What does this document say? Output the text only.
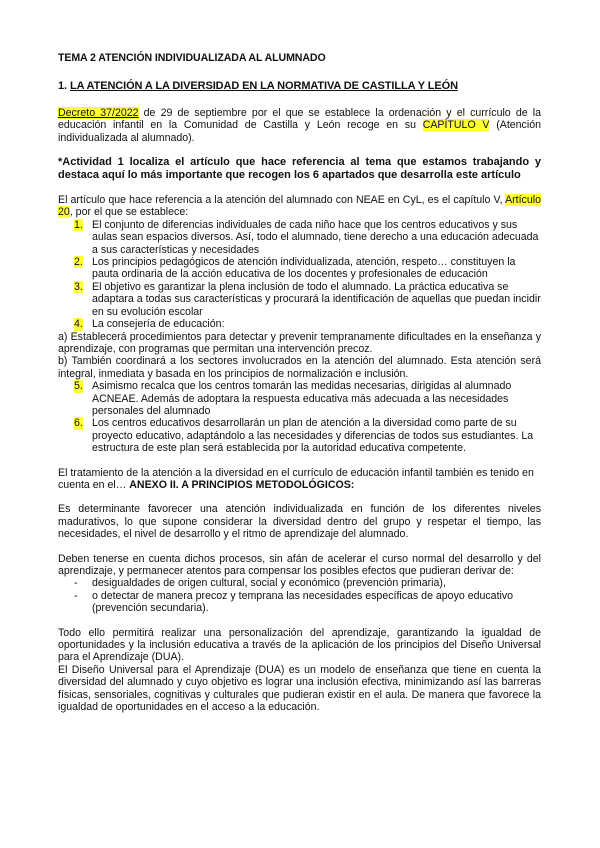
TEMA 2 ATENCIÓN INDIVIDUALIZADA AL ALUMNADO

1. LA ATENCIÓN A LA DIVERSIDAD EN LA NORMATIVA DE CASTILLA Y LEÓN

Decreto 37/2022 de 29 de septiembre por el que se establece la ordenación y el currículo de la educación infantil en la Comunidad de Castilla y León recoge en su CAPÍTULO V (Atención individualizada al alumnado).

*Actividad 1 localiza el artículo que hace referencia al tema que estamos trabajando y destaca aquí lo más importante que recogen los 6 apartados que desarrolla este artículo

El artículo que hace referencia a la atención del alumnado con NEAE en CyL, es el capítulo V, Artículo 20, por el que se establece:

1. El conjunto de diferencias individuales de cada niño hace que los centros educativos y sus aulas sean espacios diversos. Así, todo el alumnado, tiene derecho a una educación adecuada a sus características y necesidades
2. Los principios pedagógicos de atención individualizada, atención, respeto… constituyen la pauta ordinaria de la acción educativa de los docentes y profesionales de educación
3. El objetivo es garantizar la plena inclusión de todo el alumnado. La práctica educativa se adaptara a todas sus características y procurará la identificación de aquellas que puedan incidir en su evolución escolar
4. La consejería de educación:

a) Establecerá procedimientos para detectar y prevenir tempranamente dificultades en la enseñanza y aprendizaje, con programas que permitan una intervención precoz.

b) También coordinará a los sectores involucrados en la atención del alumnado. Esta atención será integral, inmediata y basada en los principios de normalización e inclusión.

5. Asimismo recalca que los centros tomarán las medidas necesarias, dirigidas al alumnado ACNEAE. Además de adoptara la respuesta educativa más adecuada a las necesidades personales del alumnado
6. Los centros educativos desarrollarán un plan de atención a la diversidad como parte de su proyecto educativo, adaptándolo a las necesidades y diferencias de todos sus estudiantes. La estructura de este plan será establecida por la autoridad educativa competente.

El tratamiento de la atención a la diversidad en el currículo de educación infantil también es tenido en cuenta en el… ANEXO II. A PRINCIPIOS METODOLÓGICOS:

Es determinante favorecer una atención individualizada en función de los diferentes niveles madurativos, lo que supone considerar la diversidad dentro del grupo y respetar el tiempo, las necesidades, el nivel de desarrollo y el ritmo de aprendizaje del alumnado.

Deben tenerse en cuenta dichos procesos, sin afán de acelerar el curso normal del desarrollo y del aprendizaje, y permanecer atentos para compensar los posibles efectos que pudieran derivar de:

- desigualdades de origen cultural, social y económico (prevención primaria),
- o detectar de manera precoz y temprana las necesidades específicas de apoyo educativo (prevención secundaria).

Todo ello permitirá realizar una personalización del aprendizaje, garantizando la igualdad de oportunidades y la inclusión educativa a través de la aplicación de los principios del Diseño Universal para el Aprendizaje (DUA).

El Diseño Universal para el Aprendizaje (DUA) es un modelo de enseñanza que tiene en cuenta la diversidad del alumnado y cuyo objetivo es lograr una inclusión efectiva, minimizando así las barreras físicas, sensoriales, cognitivas y culturales que pudieran existir en el aula. De manera que favorece la igualdad de oportunidades en el acceso a la educación.
